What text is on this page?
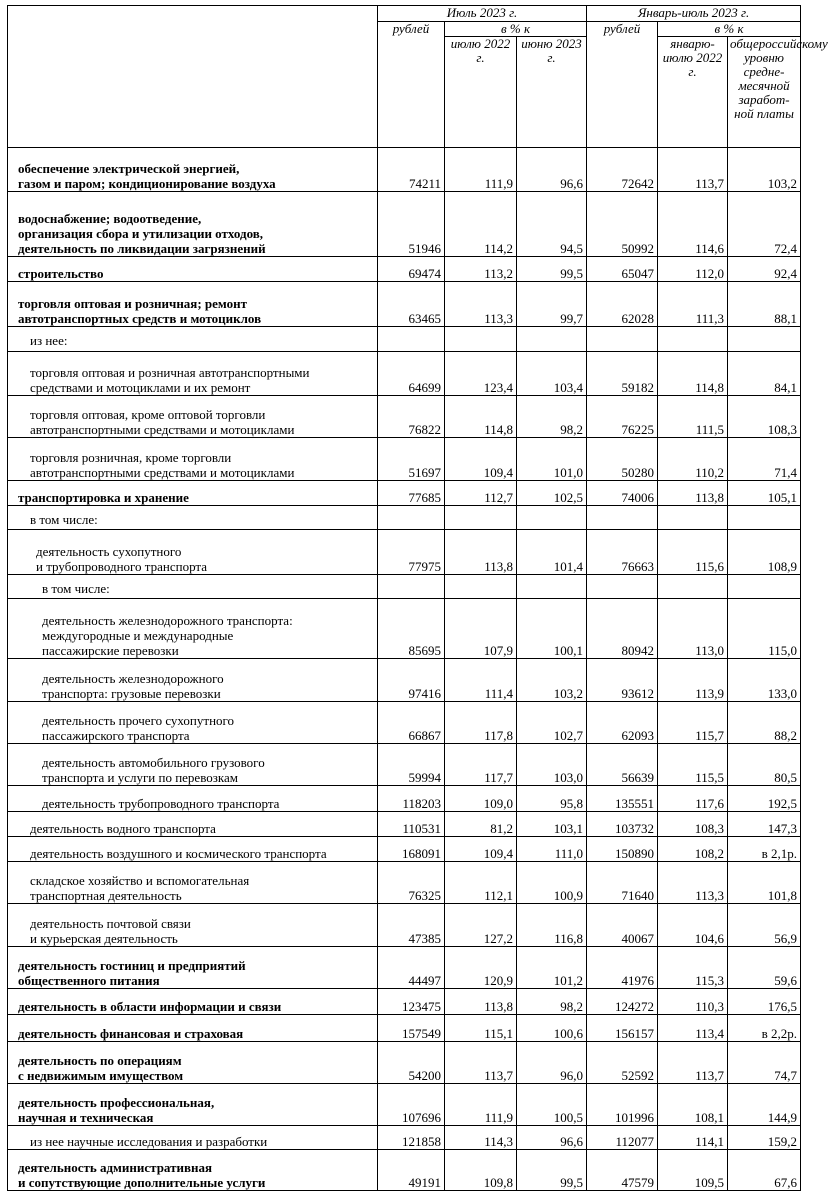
	Июль 2023 г.			Январь-июль 2023 г.		
	рублей	в % к		рублей	в % к	
		июлю 2022 г.	июню 2023 г.		январю-июлю 2022 г.	общероссийскому уровню средне-месячной заработ-ной платы
обеспечение электрической энергией,
газом и паром; кондиционирование воздуха	74211	111,9	96,6	72642	113,7	103,2
водоснабжение; водоотведение,
организация сбора и утилизации отходов,
деятельность по ликвидации загрязнений	51946	114,2	94,5	50992	114,6	72,4
строительство	69474	113,2	99,5	65047	112,0	92,4
торговля оптовая и розничная; ремонт
автотранспортных средств и мотоциклов	63465	113,3	99,7	62028	111,3	88,1
из нее:						
торговля оптовая и розничная автотранспортными
средствами и мотоциклами и их ремонт	64699	123,4	103,4	59182	114,8	84,1
торговля оптовая, кроме оптовой торговли
автотранспортными средствами и мотоциклами	76822	114,8	98,2	76225	111,5	108,3
торговля розничная, кроме торговли
автотранспортными средствами и мотоциклами	51697	109,4	101,0	50280	110,2	71,4
транспортировка и хранение	77685	112,7	102,5	74006	113,8	105,1
в том числе:						
деятельность сухопутного
и трубопроводного транспорта	77975	113,8	101,4	76663	115,6	108,9
в том числе:						
деятельность железнодорожного транспорта:
междугородные и международные
пассажирские перевозки	85695	107,9	100,1	80942	113,0	115,0
деятельность железнодорожного
транспорта: грузовые перевозки	97416	111,4	103,2	93612	113,9	133,0
деятельность прочего сухопутного
пассажирского транспорта	66867	117,8	102,7	62093	115,7	88,2
деятельность автомобильного грузового
транспорта и услуги по перевозкам	59994	117,7	103,0	56639	115,5	80,5
деятельность трубопроводного транспорта	118203	109,0	95,8	135551	117,6	192,5
деятельность водного транспорта	110531	81,2	103,1	103732	108,3	147,3
деятельность воздушного и космического транспорта	168091	109,4	111,0	150890	108,2	в 2,1р.
складское хозяйство и вспомогательная
транспортная деятельность	76325	112,1	100,9	71640	113,3	101,8
деятельность почтовой связи
и курьерская деятельность	47385	127,2	116,8	40067	104,6	56,9
деятельность гостиниц и предприятий
общественного питания	44497	120,9	101,2	41976	115,3	59,6
деятельность в области информации и связи	123475	113,8	98,2	124272	110,3	176,5
деятельность финансовая и страховая	157549	115,1	100,6	156157	113,4	в 2,2р.
деятельность по операциям
с недвижимым имуществом	54200	113,7	96,0	52592	113,7	74,7
деятельность профессиональная,
научная и техническая	107696	111,9	100,5	101996	108,1	144,9
из нее научные исследования и разработки	121858	114,3	96,6	112077	114,1	159,2
деятельность административная
и сопутствующие дополнительные услуги	49191	109,8	99,5	47579	109,5	67,6
